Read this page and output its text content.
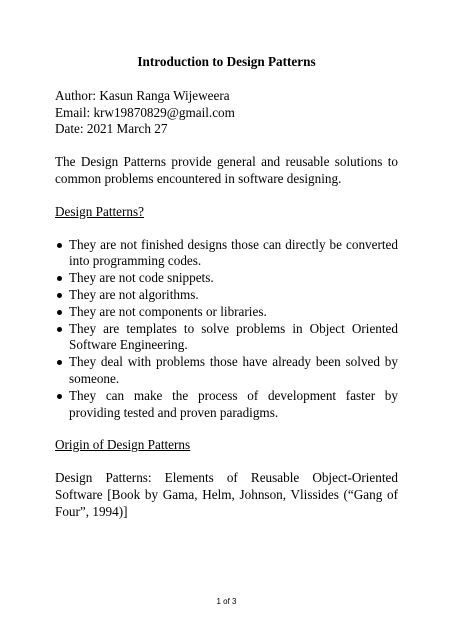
Introduction to Design Patterns
Author: Kasun Ranga Wijeweera
Email: krw19870829@gmail.com
Date: 2021 March 27

The Design Patterns provide general and reusable solutions to common problems encountered in software designing.

Design Patterns?
They are not finished designs those can directly be converted into programming codes.
They are not code snippets.
They are not algorithms.
They are not components or libraries.
They are templates to solve problems in Object Oriented Software Engineering.
They deal with problems those have already been solved by someone.
They can make the process of development faster by providing tested and proven paradigms.
Origin of Design Patterns

Design Patterns: Elements of Reusable Object-Oriented Software [Book by Gama, Helm, Johnson, Vlissides (“Gang of Four”, 1994)]

1 of 3
